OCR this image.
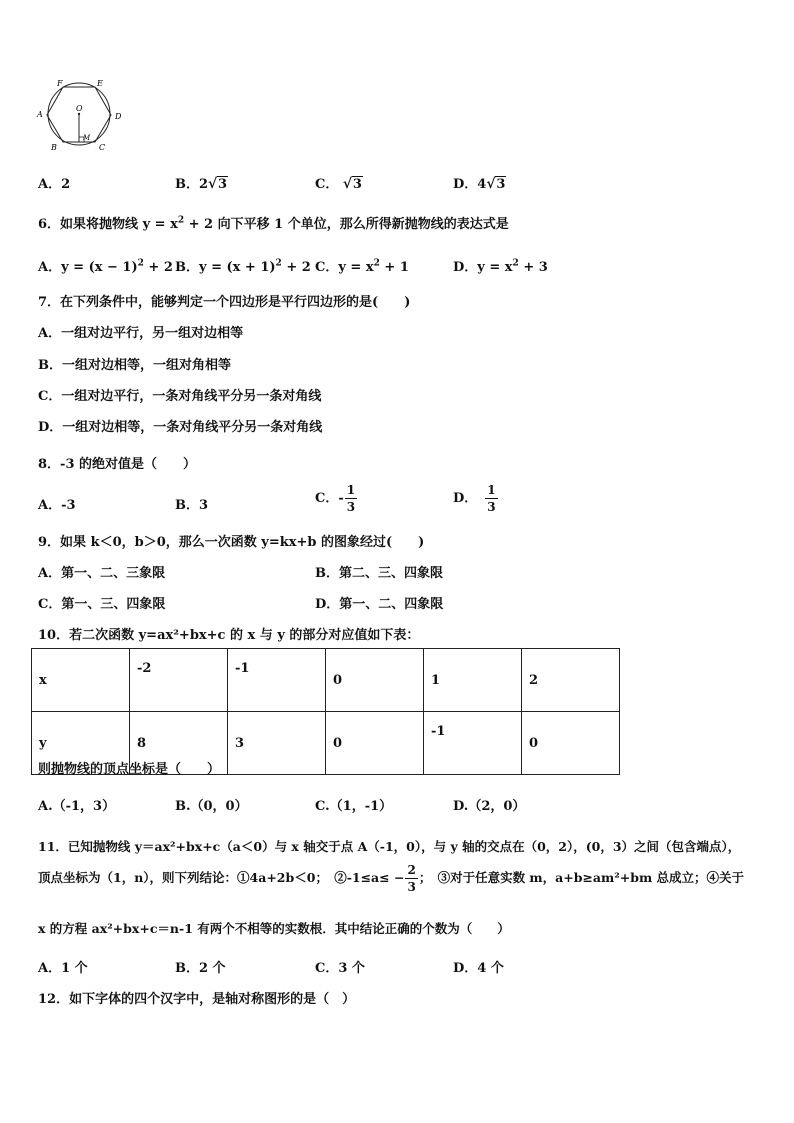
F	E
A	D
B	C
O
M
A．2	B．2 √ 3	C． √ 3	D．4 √ 3
6．如果将抛物线 $y = x^2 + 2$ 向下平移 1 个单位，那么所得新抛物线的表达式是
A．$y = (x - 1)^2 + 2$ B．$y = (x + 1)^2 + 2$ C．$y = x^2 + 1$	D．$y = x^2 + 3$
7．在下列条件中，能够判定一个四边形是平行四边形的是(　　)
A．一组对边平行，另一组对边相等
B．一组对边相等，一组对角相等
C．一组对边平行，一条对角线平分另一条对角线
D．一组对边相等，一条对角线平分另一条对角线
8．-3 的绝对值是（　　）
A．-3	B．3	C．- $\frac{1}{3}$	D． $\frac{1}{3}$
9．如果 k＜0，b＞0，那么一次函数 y=kx+b 的图象经过(　　)
A．第一、二、三象限	B．第二、三、四象限
C．第一、三、四象限	D．第一、二、四象限
10．若二次函数 y=ax²+bx+c 的 x 与 y 的部分对应值如下表：
x	-2	-1	0	1	2
y	8	3	0	-1	0
则抛物线的顶点坐标是（　　）
A.（-1，3）	B.（0，0）	C.（1，-1）	D.（2，0）
11．已知抛物线 y＝ax²+bx+c（a＜0）与 x 轴交于点 A（-1，0），与 y 轴的交点在（0，2），(0，3）之间（包含端点），
顶点坐标为（1，n），则下列结论：①4a+2b＜0；　②-1≤a≤ − $\frac{2}{3}$ ；　③对于任意实数 m，a+b≥am²+bm 总成立；④关于
x 的方程 ax²+bx+c＝n-1 有两个不相等的实数根．其中结论正确的个数为（　　）
A．1 个	B．2 个	C．3 个	D．4 个
12．如下字体的四个汉字中，是轴对称图形的是（　）
